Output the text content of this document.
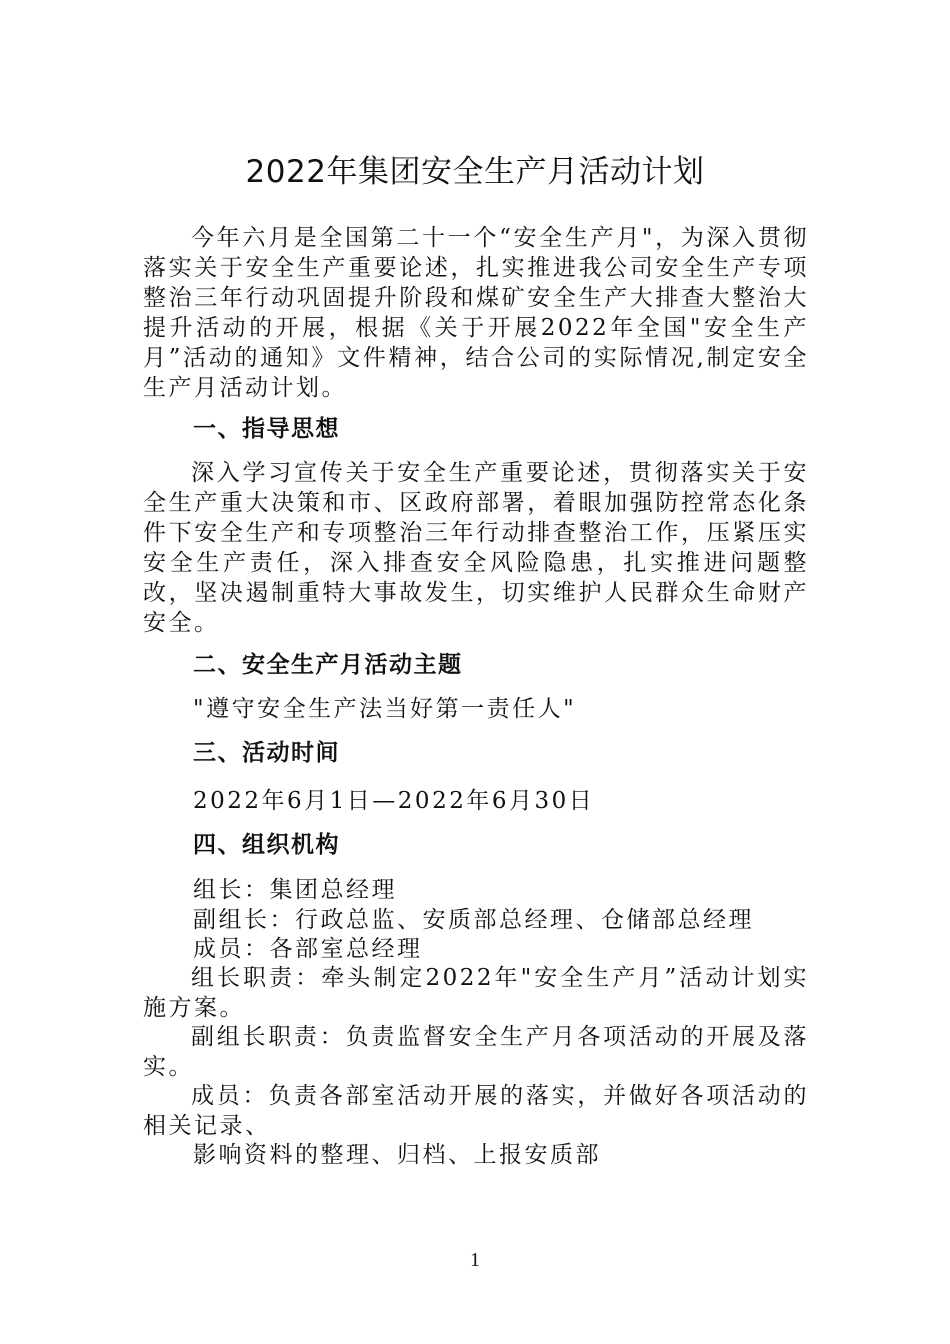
2022年集团安全生产月活动计划
今年六月是全国第二十一个“安全生产月"，为深入贯彻落实关于安全生产重要论述，扎实推进我公司安全生产专项整治三年行动巩固提升阶段和煤矿安全生产大排查大整治大提升活动的开展，根据《关于开展2022年全国"安全生产月”活动的通知》文件精神，结合公司的实际情况,制定安全生产月活动计划。
一、指导思想
深入学习宣传关于安全生产重要论述，贯彻落实关于安全生产重大决策和市、区政府部署，着眼加强防控常态化条件下安全生产和专项整治三年行动排查整治工作，压紧压实安全生产责任，深入排查安全风险隐患，扎实推进问题整改，坚决遏制重特大事故发生，切实维护人民群众生命财产安全。
二、安全生产月活动主题
"遵守安全生产法当好第一责任人"
三、活动时间
2022年6月1日—2022年6月30日
四、组织机构
组长：集团总经理
副组长：行政总监、安质部总经理、仓储部总经理
成员：各部室总经理
组长职责：牵头制定2022年"安全生产月”活动计划实施方案。
副组长职责：负责监督安全生产月各项活动的开展及落实。
成员：负责各部室活动开展的落实，并做好各项活动的相关记录、
影响资料的整理、归档、上报安质部
1
